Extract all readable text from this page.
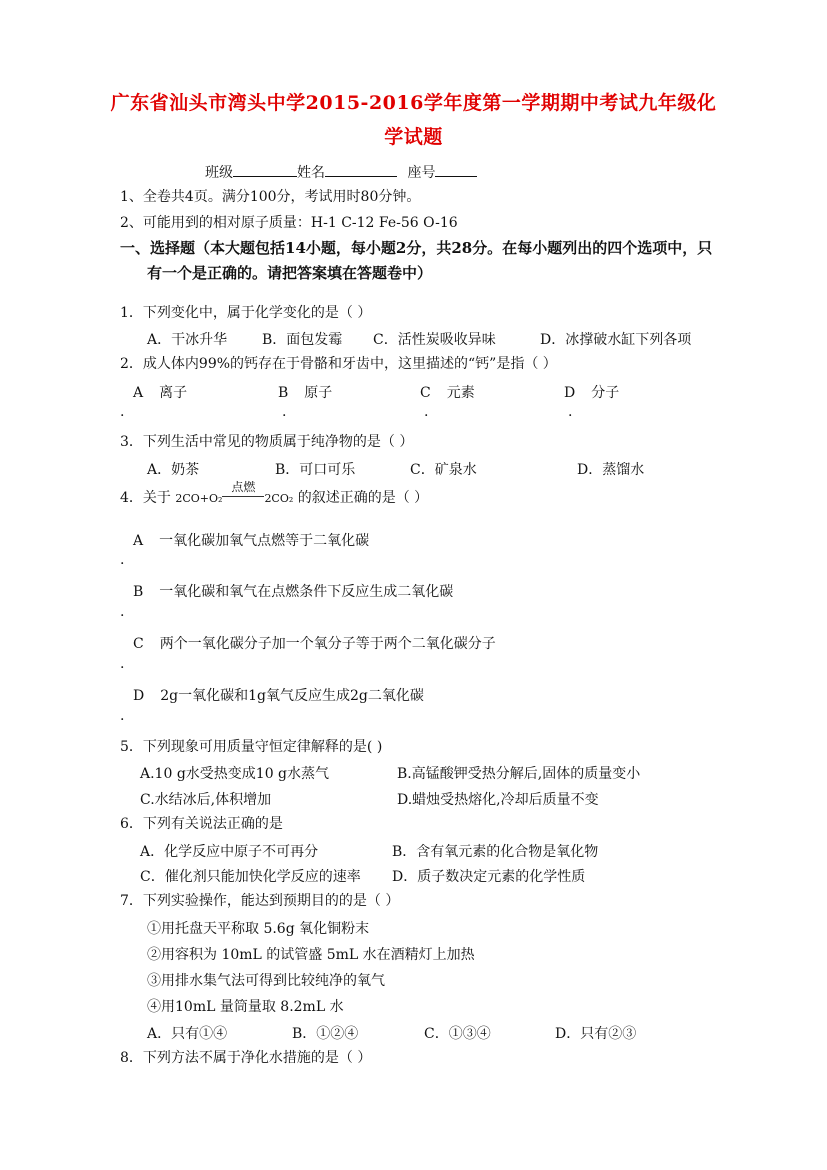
广东省汕头市湾头中学2015-2016学年度第一学期期中考试九年级化
学试题
班级	姓名	座号
1、全卷共4页。满分100分，考试用时80分钟。
2、可能用到的相对原子质量：H-1 C-12 Fe-56 O-16
一、选择题（本大题包括14小题，每小题2分，共28分。在每小题列出的四个选项中，只
有一个是正确的。请把答案填在答题卷中）
1．下列变化中，属于化学变化的是（ ）
A．干冰升华 B．面包发霉 C．活性炭吸收异味	D．冰撑破水缸下列各项
2．成人体内99%的钙存在于骨骼和牙齿中，这里描述的“钙”是指（ ）
A 离子	B 原子	C 元素	D 分子
.	.	.	.
3．下列生活中常见的物质属于纯净物的是（ ）
A．奶茶	B．可口可乐	C．矿泉水	D．蒸馏水
4．关于 2CO+O₂
点燃
2CO₂ 的叙述正确的是（ ）
A 一氧化碳加氧气点燃等于二氧化碳
.
B 一氧化碳和氧气在点燃条件下反应生成二氧化碳
.
C 两个一氧化碳分子加一个氧分子等于两个二氧化碳分子
.
D 2g一氧化碳和1g氧气反应生成2g二氧化碳
.
5．下列现象可用质量守恒定律解释的是( )
A.10 g水受热变成10 g水蒸气	B.高锰酸钾受热分解后,固体的质量变小
C.水结冰后,体积增加	D.蜡烛受热熔化,冷却后质量不变
6．下列有关说法正确的是
A．化学反应中原子不可再分	B．含有氧元素的化合物是氧化物
C．催化剂只能加快化学反应的速率 D．质子数决定元素的化学性质
7．下列实验操作，能达到预期目的的是（ ）
①用托盘天平称取 5.6g 氧化铜粉末
②用容积为 10mL 的试管盛 5mL 水在酒精灯上加热
③用排水集气法可得到比较纯净的氧气
④用10mL 量筒量取 8.2mL 水
A．只有①④	B．①②④	C．①③④	D．只有②③
8．下列方法不属于净化水措施的是（ ）
